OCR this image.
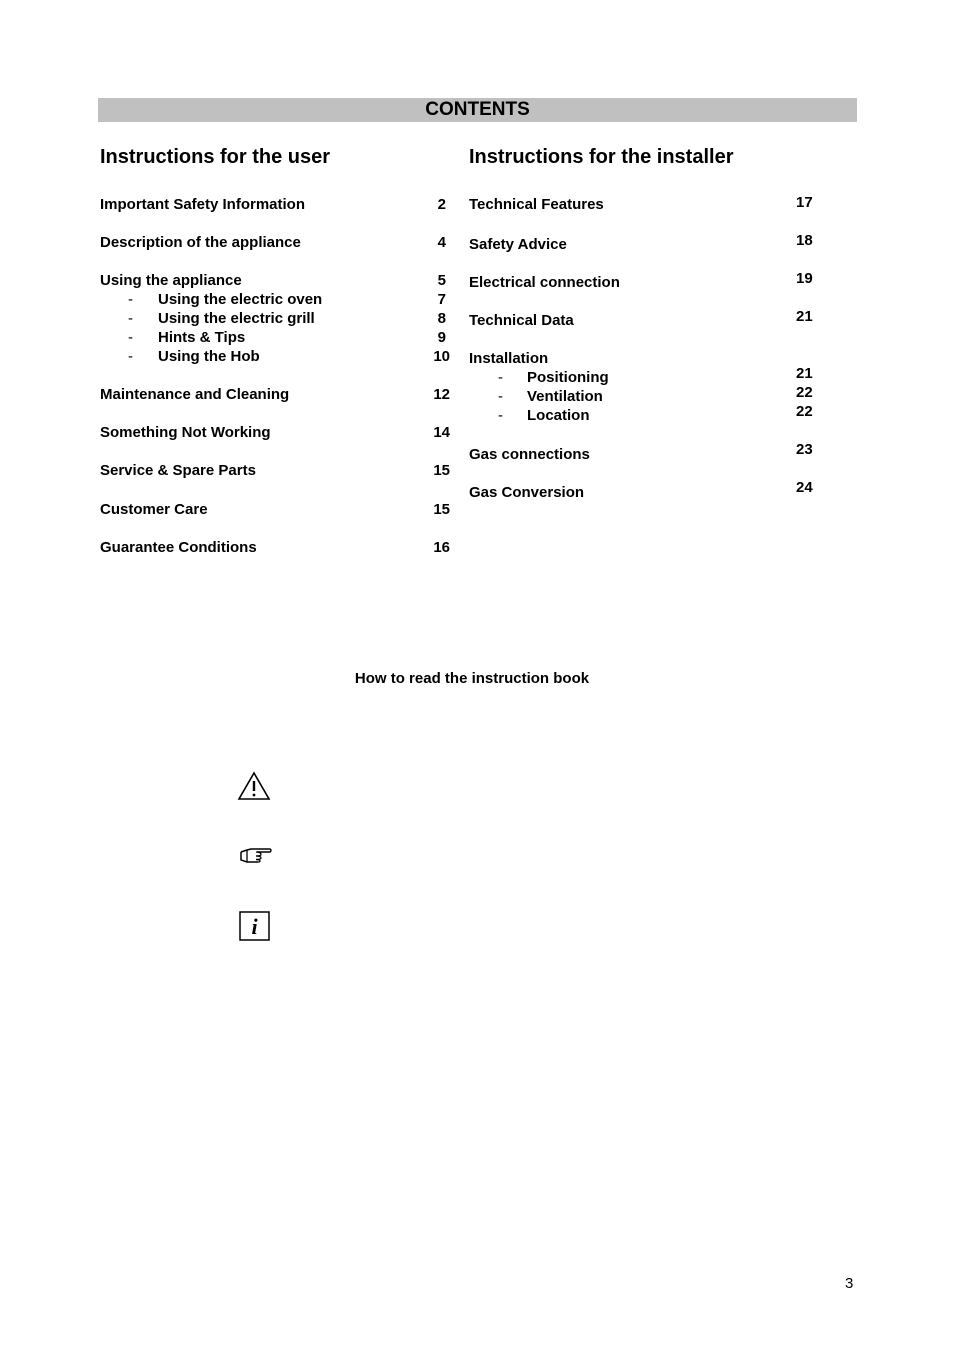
CONTENTS
Instructions for the user	Instructions for the installer
Important Safety Information	2
Description of the appliance	4
Using the appliance	5
- Using the electric oven	7
- Using the electric grill	8
- Hints & Tips	9
- Using the Hob	10
Maintenance and Cleaning	12
Something Not Working	14
Service & Spare Parts	15
Customer Care	15
Guarantee Conditions	16
Technical Features	17
Safety Advice	18
Electrical connection	19
Technical Data	21
Installation
- Positioning	21
- Ventilation	22
- Location	22
Gas connections	23
Gas Conversion	24
How to read the instruction book
i
3
